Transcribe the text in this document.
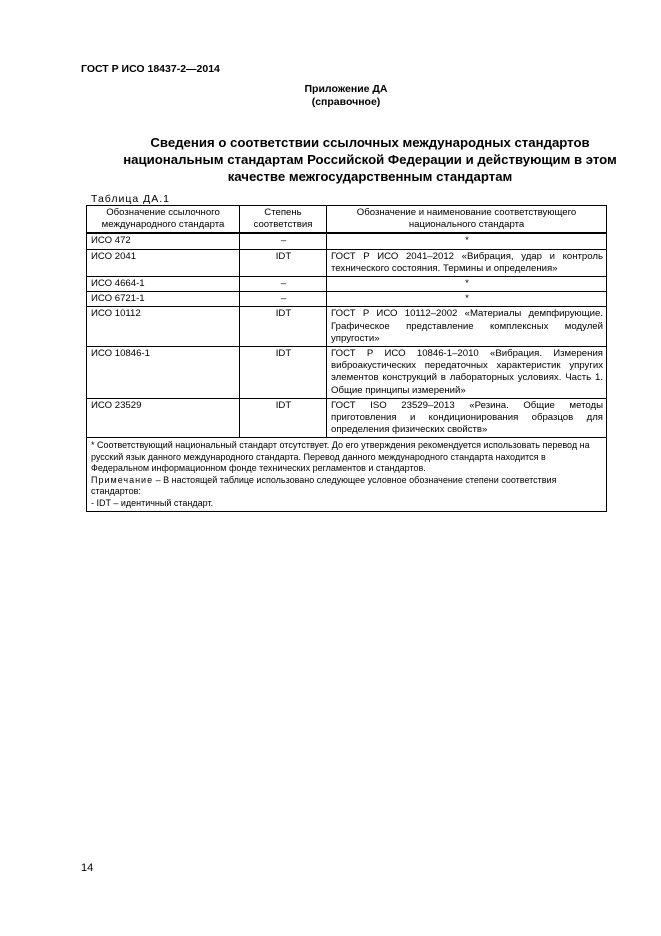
ГОСТ Р ИСО 18437-2—2014
Приложение ДА
(справочное)
Сведения о соответствии ссылочных международных стандартов
национальным стандартам Российской Федерации и действующим в этом
качестве межгосударственным стандартам
Таблица ДА.1
Обозначение ссылочного международного стандарта	Степень соответствия	Обозначение и наименование соответствующего национального стандарта
ИСО 472	–	*
ИСО 2041	IDT	ГОСТ Р ИСО 2041–2012 «Вибрация, удар и контроль технического состояния. Термины и определения»
ИСО 4664-1	–	*
ИСО 6721-1	–	*
ИСО 10112	IDT	ГОСТ Р ИСО 10112–2002 «Материалы демпфирующие. Графическое представление комплексных модулей упругости»
ИСО 10846-1	IDT	ГОСТ Р ИСО 10846-1–2010 «Вибрация. Измерения виброакустических передаточных характеристик упругих элементов конструкций в лабораторных условиях. Часть 1. Общие принципы измерений»
ИСО 23529	IDT	ГОСТ ISO 23529–2013 «Резина. Общие методы приготовления и кондиционирования образцов для определения физических свойств»

* Соответствующий национальный стандарт отсутствует. До его утверждения рекомендуется использовать перевод на русский язык данного международного стандарта. Перевод данного международного стандарта находится в Федеральном информационном фонде технических регламентов и стандартов.
Примечание – В настоящей таблице использовано следующее условное обозначение степени соответствия стандартов:
- IDT – идентичный стандарт.		
14
